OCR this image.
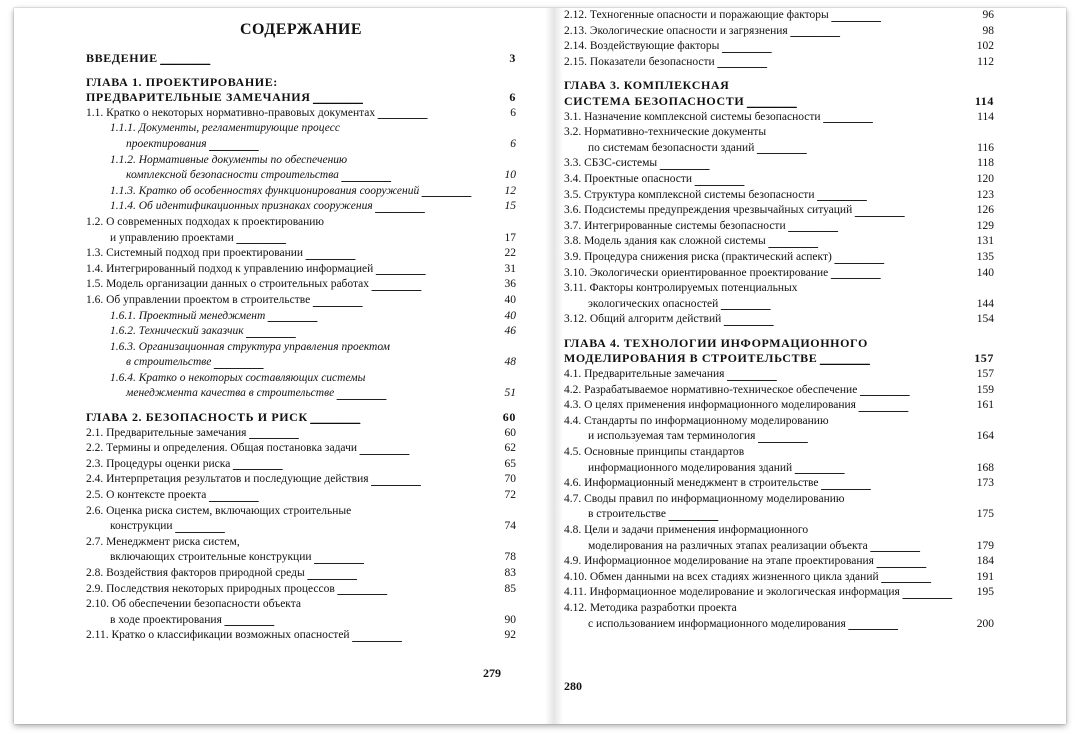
СОДЕРЖАНИЕ
ВВЕДЕНИЕ . . .	3
ГЛАВА 1. ПРОЕКТИРОВАНИЕ:
ПРЕДВАРИТЕЛЬНЫЕ ЗАМЕЧАНИЯ . . .	6
1.1. Кратко о некоторых нормативно-правовых документах . . .	6
1.1.1. Документы, регламентирующие процесс
проектирования . . .	6
1.1.2. Нормативные документы по обеспечению
комплексной безопасности строительства . . .	10
1.1.3. Кратко об особенностях функционирования сооружений . . .	12
1.1.4. Об идентификационных признаках сооружения . . .	15
1.2. О современных подходах к проектированию
и управлению проектами . . .	17
1.3. Системный подход при проектировании . . .	22
1.4. Интегрированный подход к управлению информацией . . .	31
1.5. Модель организации данных о строительных работах . . .	36
1.6. Об управлении проектом в строительстве . . .	40
1.6.1. Проектный менеджмент . . .	40
1.6.2. Технический заказчик . . .	46
1.6.3. Организационная структура управления проектом
в строительстве . . .	48
1.6.4. Кратко о некоторых составляющих системы
менеджмента качества в строительстве . . .	51
ГЛАВА 2. БЕЗОПАСНОСТЬ И РИСК . . .	60
2.1. Предварительные замечания . . .	60
2.2. Термины и определения. Общая постановка задачи . . .	62
2.3. Процедуры оценки риска . . .	65
2.4. Интерпретация результатов и последующие действия . . .	70
2.5. О контексте проекта . . .	72
2.6. Оценка риска систем, включающих строительные
конструкции . . .	74
2.7. Менеджмент риска систем,
включающих строительные конструкции . . .	78
2.8. Воздействия факторов природной среды . . .	83
2.9. Последствия некоторых природных процессов . . .	85
2.10. Об обеспечении безопасности объекта
в ходе проектирования . . .	90
2.11. Кратко о классификации возможных опасностей . . .	92
279
2.12. Техногенные опасности и поражающие факторы . . .	96
2.13. Экологические опасности и загрязнения . . .	98
2.14. Воздействующие факторы . . .	102
2.15. Показатели безопасности . . .	112
ГЛАВА 3. КОМПЛЕКСНАЯ
СИСТЕМА БЕЗОПАСНОСТИ . . .	114
3.1. Назначение комплексной системы безопасности . . .	114
3.2. Нормативно-технические документы
по системам безопасности зданий . . .	116
3.3. СБЗС-системы . . .	118
3.4. Проектные опасности . . .	120
3.5. Структура комплексной системы безопасности . . .	123
3.6. Подсистемы предупреждения чрезвычайных ситуаций . . .	126
3.7. Интегрированные системы безопасности . . .	129
3.8. Модель здания как сложной системы . . .	131
3.9. Процедура снижения риска (практический аспект) . . .	135
3.10. Экологически ориентированное проектирование . . .	140
3.11. Факторы контролируемых потенциальных
экологических опасностей . . .	144
3.12. Общий алгоритм действий . . .	154
ГЛАВА 4. ТЕХНОЛОГИИ ИНФОРМАЦИОННОГО
МОДЕЛИРОВАНИЯ В СТРОИТЕЛЬСТВЕ . . .	157
4.1. Предварительные замечания . . .	157
4.2. Разрабатываемое нормативно-техническое обеспечение . . .	159
4.3. О целях применения информационного моделирования . . .	161
4.4. Стандарты по информационному моделированию
и используемая там терминология . . .	164
4.5. Основные принципы стандартов
информационного моделирования зданий . . .	168
4.6. Информационный менеджмент в строительстве . . .	173
4.7. Своды правил по информационному моделированию
в строительстве . . .	175
4.8. Цели и задачи применения информационного
моделирования на различных этапах реализации объекта . . .	179
4.9. Информационное моделирование на этапе проектирования . . .	184
4.10. Обмен данными на всех стадиях жизненного цикла зданий . . .	191
4.11. Информационное моделирование и экологическая информация . . .	195
4.12. Методика разработки проекта
с использованием информационного моделирования . . .	200
280
